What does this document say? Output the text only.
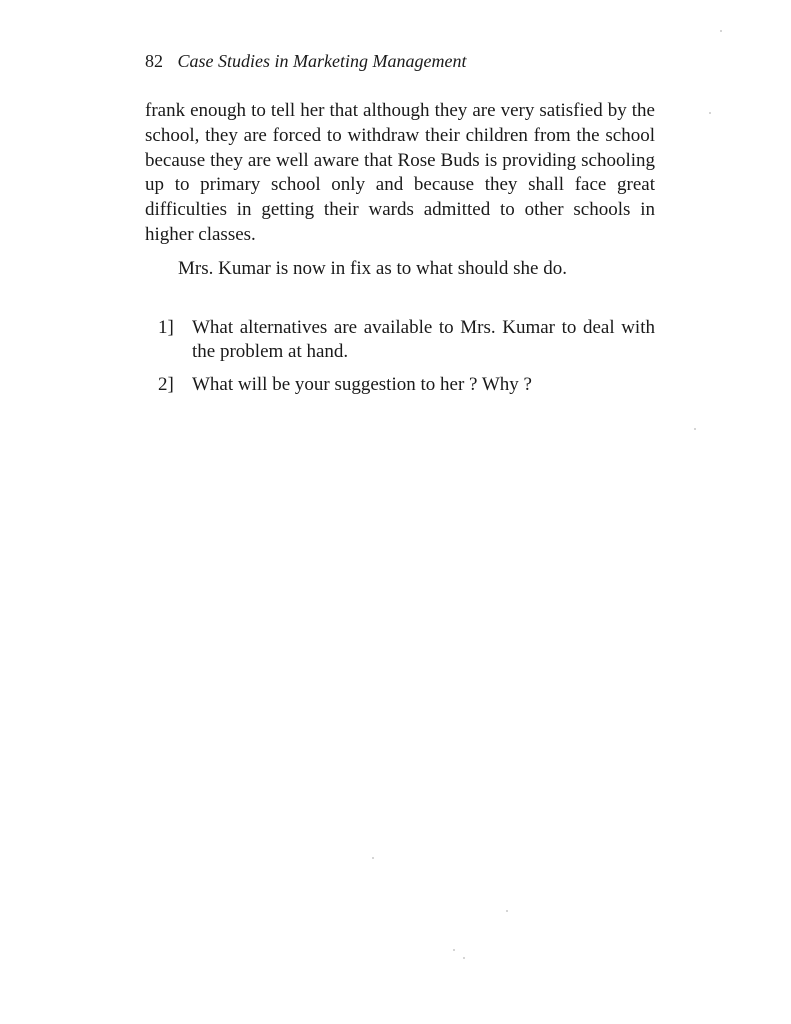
82 Case Studies in Marketing Management

frank enough to tell her that although they are very satisfied by the school, they are forced to withdraw their children from the school because they are well aware that Rose Buds is providing schooling up to primary school only and because they shall face great difficulties in getting their wards admitted to other schools in higher classes.

Mrs. Kumar is now in fix as to what should she do.

1] What alternatives are available to Mrs. Kumar to deal with the problem at hand.
2] What will be your suggestion to her ? Why ?
